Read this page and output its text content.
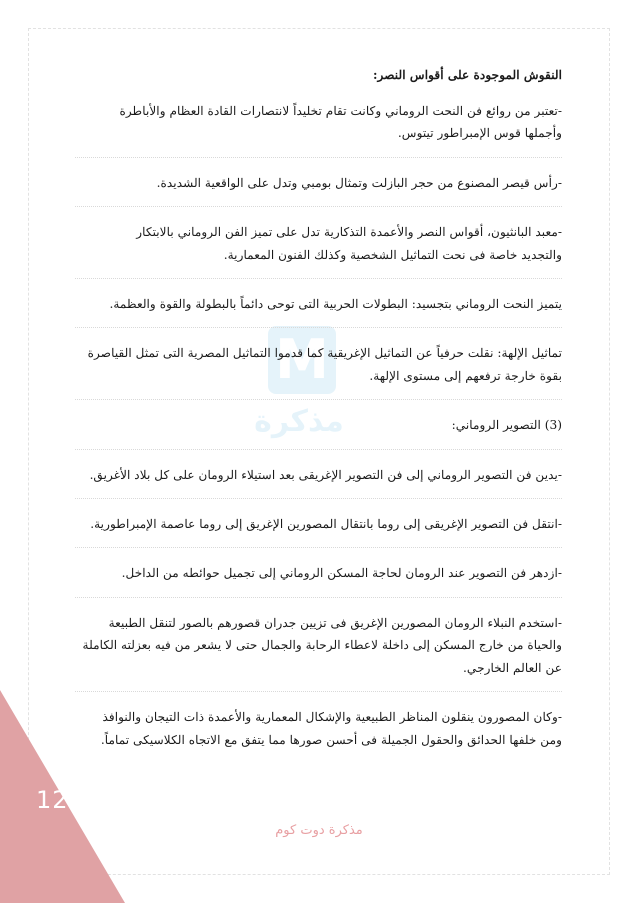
M
مذكرة

النقوش الموجودة على أقواس النصر:

-تعتبر من روائع فن النحت الروماني وكانت تقام تخليداً لانتصارات القادة العظام والأباطرة
وأجملها قوس الإمبراطور تيتوس.

-رأس قيصر المصنوع من حجر البازلت وتمثال بومبي وتدل على الواقعية الشديدة.

-معبد البانثيون، أقواس النصر والأعمدة التذكارية تدل على تميز الفن الروماني بالابتكار
والتجديد خاصة فى نحت التماثيل الشخصية وكذلك الفنون المعمارية.

يتميز النحت الروماني بتجسيد: البطولات الحربية التى توحى دائماً بالبطولة والقوة والعظمة.

تماثيل الإلهة: نقلت حرفياً عن التماثيل الإغريقية كما قدموا التماثيل المصرية التى تمثل القياصرة
بقوة خارجة ترفعهم إلى مستوى الإلهة.

(3) التصوير الروماني:

-يدين فن التصوير الروماني إلى فن التصوير الإغريقى بعد استيلاء الرومان على كل بلاد الأغريق.

-انتقل فن التصوير الإغريقى إلى روما بانتقال المصورين الإغريق إلى روما عاصمة الإمبراطورية.

-ازدهر فن التصوير عند الرومان لحاجة المسكن الروماني إلى تجميل حوائطه من الداخل.

-استخدم النبلاء الرومان المصورين الإغريق فى تزيين جدران قصورهم بالصور لتنقل الطبيعة
والحياة من خارج المسكن إلى داخلة لاعطاء الرحابة والجمال حتى لا يشعر من فيه بعزلته الكاملة
عن العالم الخارجي.

-وكان المصورون ينقلون المناظر الطبيعية والإشكال المعمارية والأعمدة ذات التيجان والنوافذ
ومن خلفها الحدائق والحقول الجميلة فى أحسن صورها مما يتفق مع الاتجاه الكلاسيكى تماماً.

124
مذكرة دوت كوم
